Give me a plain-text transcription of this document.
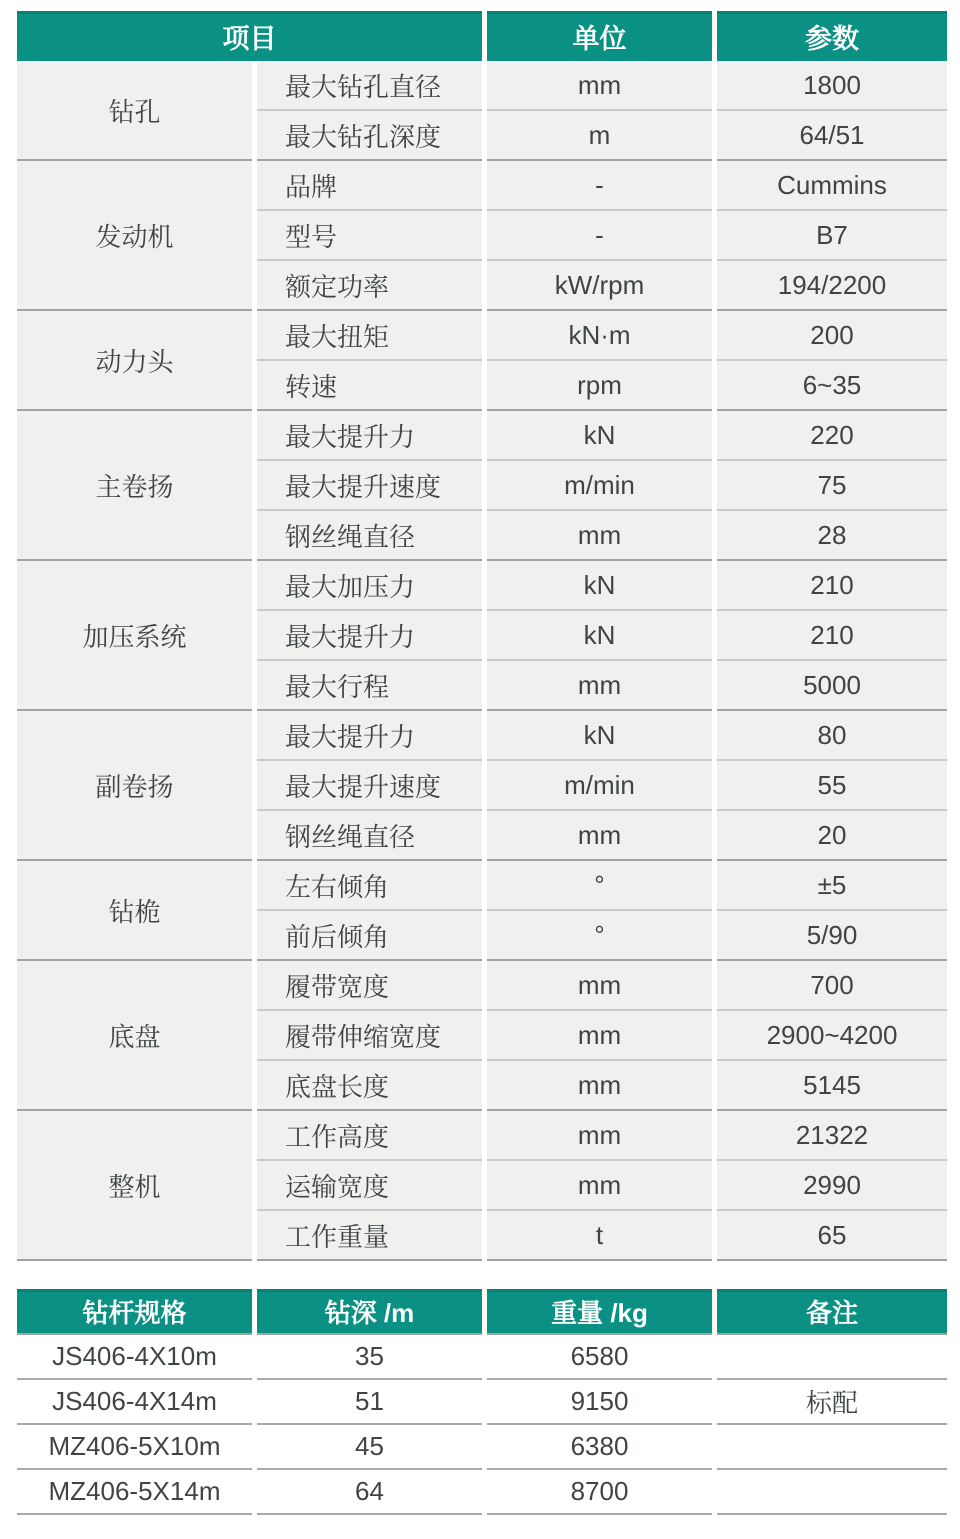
项目		单位	参数
钻孔	最大钻孔直径	mm	1800
	最大钻孔深度	m	64/51
发动机	品牌	-	Cummins
	型号	-	B7
	额定功率	kW/rpm	194/2200
动力头	最大扭矩	kN·m	200
	转速	rpm	6~35
主卷扬	最大提升力	kN	220
	最大提升速度	m/min	75
	钢丝绳直径	mm	28
加压系统	最大加压力	kN	210
	最大提升力	kN	210
	最大行程	mm	5000
副卷扬	最大提升力	kN	80
	最大提升速度	m/min	55
	钢丝绳直径	mm	20
钻桅	左右倾角	°	±5
	前后倾角	°	5/90
底盘	履带宽度	mm	700
	履带伸缩宽度	mm	2900~4200
	底盘长度	mm	5145
整机	工作高度	mm	21322
	运输宽度	mm	2990
	工作重量	t	65
钻杆规格	钻深 /m	重量 /kg	备注
JS406-4X10m	35	6580	
JS406-4X14m	51	9150	标配
MZ406-5X10m	45	6380	
MZ406-5X14m	64	8700	
